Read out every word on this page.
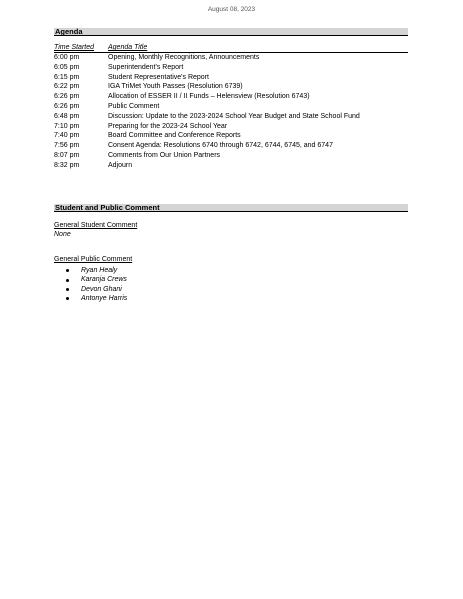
August 08, 2023
Agenda
Time Started	Agenda Title
6:00 pm	Opening, Monthly Recognitions, Announcements
6:05 pm	Superintendent's Report
6:15 pm	Student Representative's Report
6:22 pm	IGA TriMet Youth Passes (Resolution 6739)
6:26 pm	Allocation of ESSER II / II Funds – Helensview (Resolution 6743)
6:26 pm	Public Comment
6:48 pm	Discussion: Update to the 2023-2024 School Year Budget and State School Fund
7:10 pm	Preparing for the 2023-24 School Year
7:40 pm	Board Committee and Conference Reports
7:56 pm	Consent Agenda: Resolutions 6740 through 6742, 6744, 6745, and 6747
8:07 pm	Comments from Our Union Partners
8:32 pm	Adjourn
Student and Public Comment
General Student Comment
None
General Public Comment
Ryan Healy
Karanja Crews
Devon Ghani
Antonye Harris
